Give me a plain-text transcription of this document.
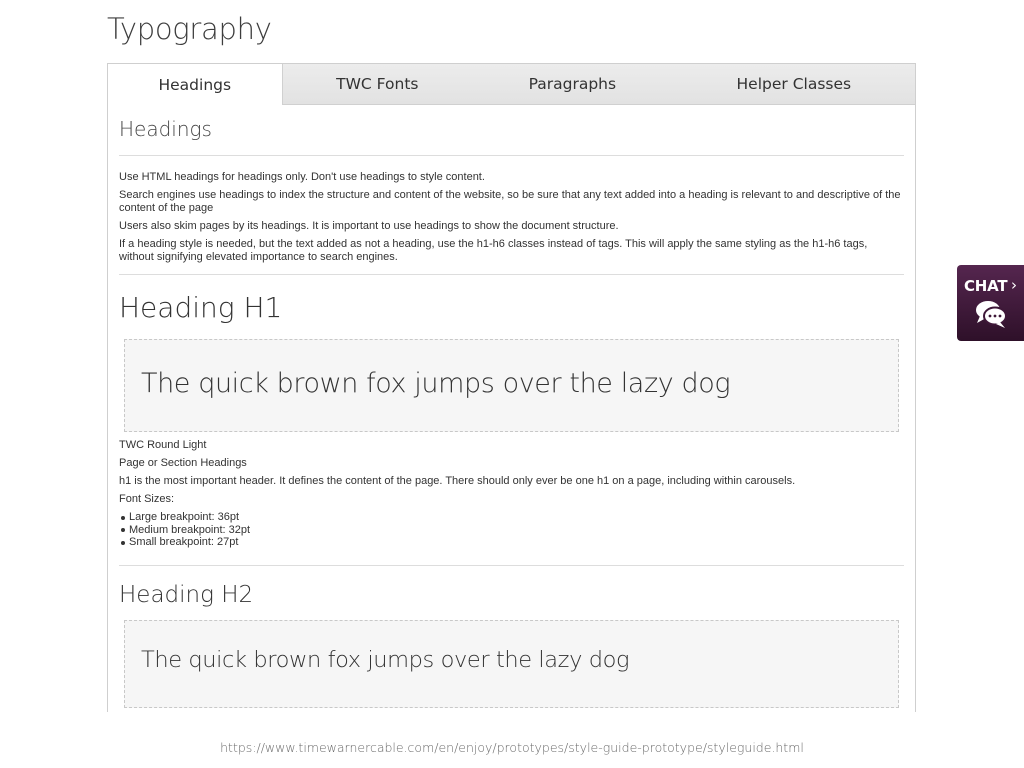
Typography
Headings	TWC Fonts	Paragraphs	Helper Classes
Headings

Use HTML headings for headings only. Don't use headings to style content.

Search engines use headings to index the structure and content of the website, so be sure that any text added into a heading is relevant to and descriptive of the content of the page

Users also skim pages by its headings. It is important to use headings to show the document structure.

If a heading style is needed, but the text added as not a heading, use the h1-h6 classes instead of tags. This will apply the same styling as the h1-h6 tags, without signifying elevated importance to search engines.

Heading H1
The quick brown fox jumps over the lazy dog

TWC Round Light

Page or Section Headings

h1 is the most important header. It defines the content of the page. There should only ever be one h1 on a page, including within carousels.

Font Sizes:

Large breakpoint: 36pt
Medium breakpoint: 32pt
Small breakpoint: 27pt
Heading H2
The quick brown fox jumps over the lazy dog
CHAT ›
https://www.timewarnercable.com/en/enjoy/prototypes/style-guide-prototype/styleguide.html
